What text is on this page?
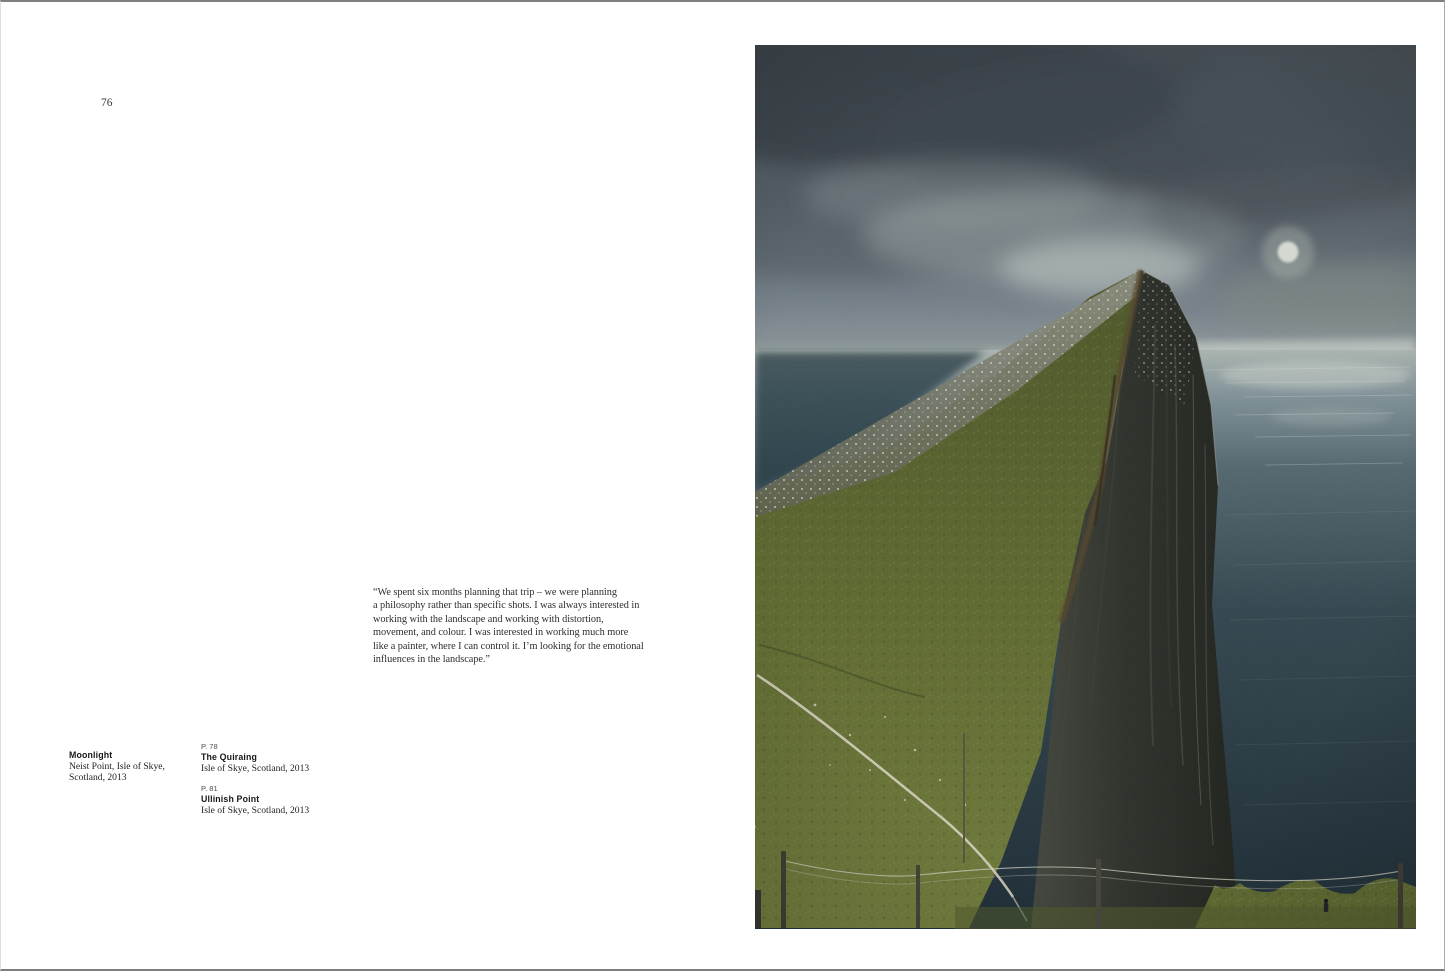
76
“We spent six months planning that trip – we were planning
a philosophy rather than specific shots. I was always interested in
working with the landscape and working with distortion,
movement, and colour. I was interested in working much more
like a painter, where I can control it. I’m looking for the emotional
influences in the landscape.”
Moonlight
Neist Point, Isle of Skye,
Scotland, 2013
P. 78
The Quiraing
Isle of Skye, Scotland, 2013
P. 81
Ullinish Point
Isle of Skye, Scotland, 2013
